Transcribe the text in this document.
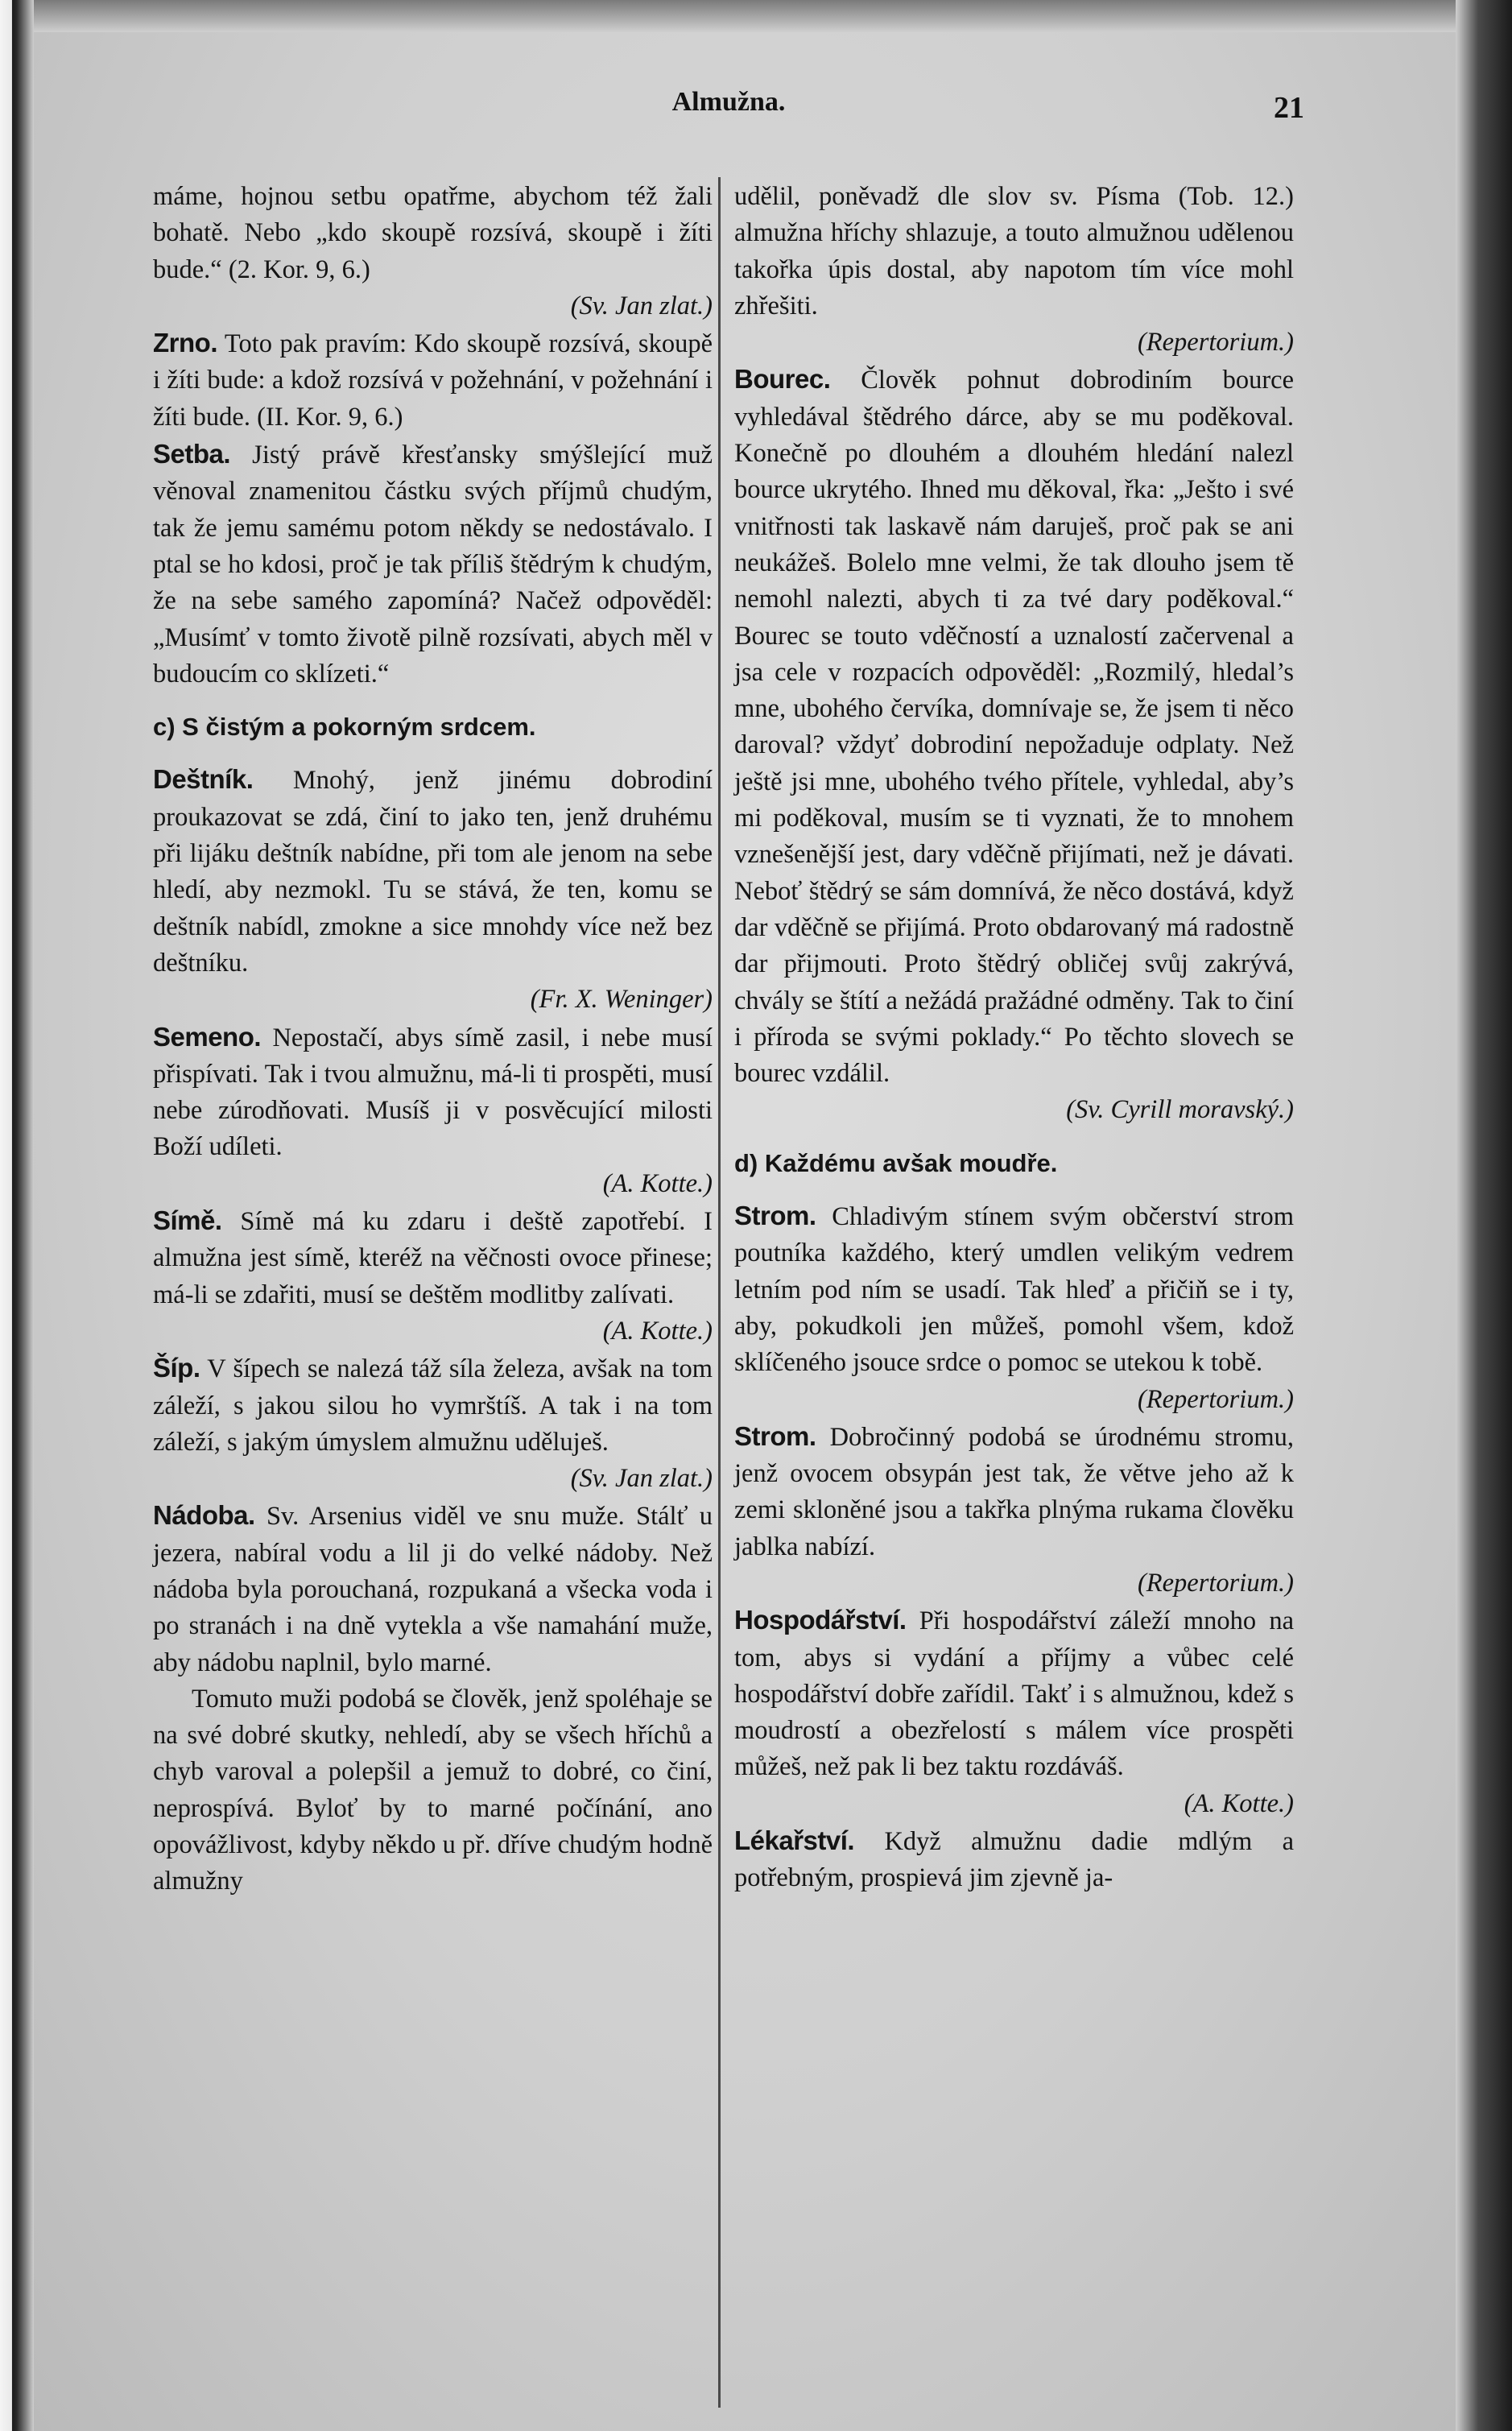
Almužna.	21

máme, hojnou setbu opatřme, abychom též žali bohatě. Nebo „kdo skoupě rozsívá, skoupě i žíti bude.“ (2. Kor. 9, 6.)

(Sv. Jan zlat.)

Zrno. Toto pak pravím: Kdo skoupě rozsívá, skoupě i žíti bude: a kdož rozsívá v požehnání, v požehnání i žíti bude. (II. Kor. 9, 6.)

Setba. Jistý právě křesťansky smýšlející muž věnoval znamenitou částku svých příjmů chudým, tak že jemu samému potom někdy se nedostávalo. I ptal se ho kdosi, proč je tak příliš štědrým k chudým, že na sebe samého zapomíná? Načež odpověděl: „Musímť v tomto životě pilně rozsívati, abych měl v budoucím co sklízeti.“

c) S čistým a pokorným srdcem.

Deštník. Mnohý, jenž jinému dobrodiní proukazovat se zdá, činí to jako ten, jenž druhému při lijáku deštník nabídne, při tom ale jenom na sebe hledí, aby nezmokl. Tu se stává, že ten, komu se deštník nabídl, zmokne a sice mnohdy více než bez deštníku.

(Fr. X. Weninger)

Semeno. Nepostačí, abys símě zasil, i nebe musí přispívati. Tak i tvou almužnu, má-li ti prospěti, musí nebe zúrodňovati. Musíš ji v posvěcující milosti Boží udíleti.

(A. Kotte.)

Símě. Símě má ku zdaru i deště zapotřebí. I almužna jest símě, kteréž na věčnosti ovoce přinese; má-li se zdařiti, musí se deštěm modlitby zalívati.

(A. Kotte.)

Šíp. V šípech se nalezá táž síla železa, avšak na tom záleží, s jakou silou ho vymrštíš. A tak i na tom záleží, s jakým úmyslem almužnu uděluješ.

(Sv. Jan zlat.)

Nádoba. Sv. Arsenius viděl ve snu muže. Stálť u jezera, nabíral vodu a lil ji do velké nádoby. Než nádoba byla porouchaná, rozpukaná a všecka voda i po stranách i na dně vytekla a vše namahání muže, aby nádobu naplnil, bylo marné.

Tomuto muži podobá se člověk, jenž spoléhaje se na své dobré skutky, nehledí, aby se všech hříchů a chyb varoval a polepšil a jemuž to dobré, co činí, neprospívá. Byloť by to marné počínání, ano opovážlivost, kdyby někdo u př. dříve chudým hodně almužny

udělil, poněvadž dle slov sv. Písma (Tob. 12.) almužna hříchy shlazuje, a touto almužnou udělenou takořka úpis dostal, aby napotom tím více mohl zhřešiti.

(Repertorium.)

Bourec. Člověk pohnut dobrodiním bource vyhledával štědrého dárce, aby se mu poděkoval. Konečně po dlouhém a dlouhém hledání nalezl bource ukrytého. Ihned mu děkoval, řka: „Ješto i své vnitřnosti tak laskavě nám daruješ, proč pak se ani neukážeš. Bolelo mne velmi, že tak dlouho jsem tě nemohl nalezti, abych ti za tvé dary poděkoval.“ Bourec se touto vděčností a uznalostí začervenal a jsa cele v rozpacích odpověděl: „Rozmilý, hledal’s mne, ubohého červíka, domnívaje se, že jsem ti něco daroval? vždyť dobrodiní nepožaduje odplaty. Než ještě jsi mne, ubohého tvého přítele, vyhledal, aby’s mi poděkoval, musím se ti vyznati, že to mnohem vznešenější jest, dary vděčně přijímati, než je dávati. Neboť štědrý se sám domnívá, že něco dostává, když dar vděčně se přijímá. Proto obdarovaný má radostně dar přijmouti. Proto štědrý obličej svůj zakrývá, chvály se štítí a nežádá pražádné odměny. Tak to činí i příroda se svými poklady.“ Po těchto slovech se bourec vzdálil.

(Sv. Cyrill moravský.)

d) Každému avšak moudře.

Strom. Chladivým stínem svým občerství strom poutníka každého, který umdlen velikým vedrem letním pod ním se usadí. Tak hleď a přičiň se i ty, aby, pokudkoli jen můžeš, pomohl všem, kdož sklíčeného jsouce srdce o pomoc se utekou k tobě.

(Repertorium.)

Strom. Dobročinný podobá se úrodnému stromu, jenž ovocem obsypán jest tak, že větve jeho až k zemi skloněné jsou a takřka plnýma rukama člověku jablka nabízí.

(Repertorium.)

Hospodářství. Při hospodářství záleží mnoho na tom, abys si vydání a příjmy a vůbec celé hospodářství dobře zařídil. Takť i s almužnou, kdež s moudrostí a obezřelostí s málem více prospěti můžeš, než pak li bez taktu rozdáváš.

(A. Kotte.)

Lékařství. Když almužnu dadie mdlým a potřebným, prospievá jim zjevně ja-
